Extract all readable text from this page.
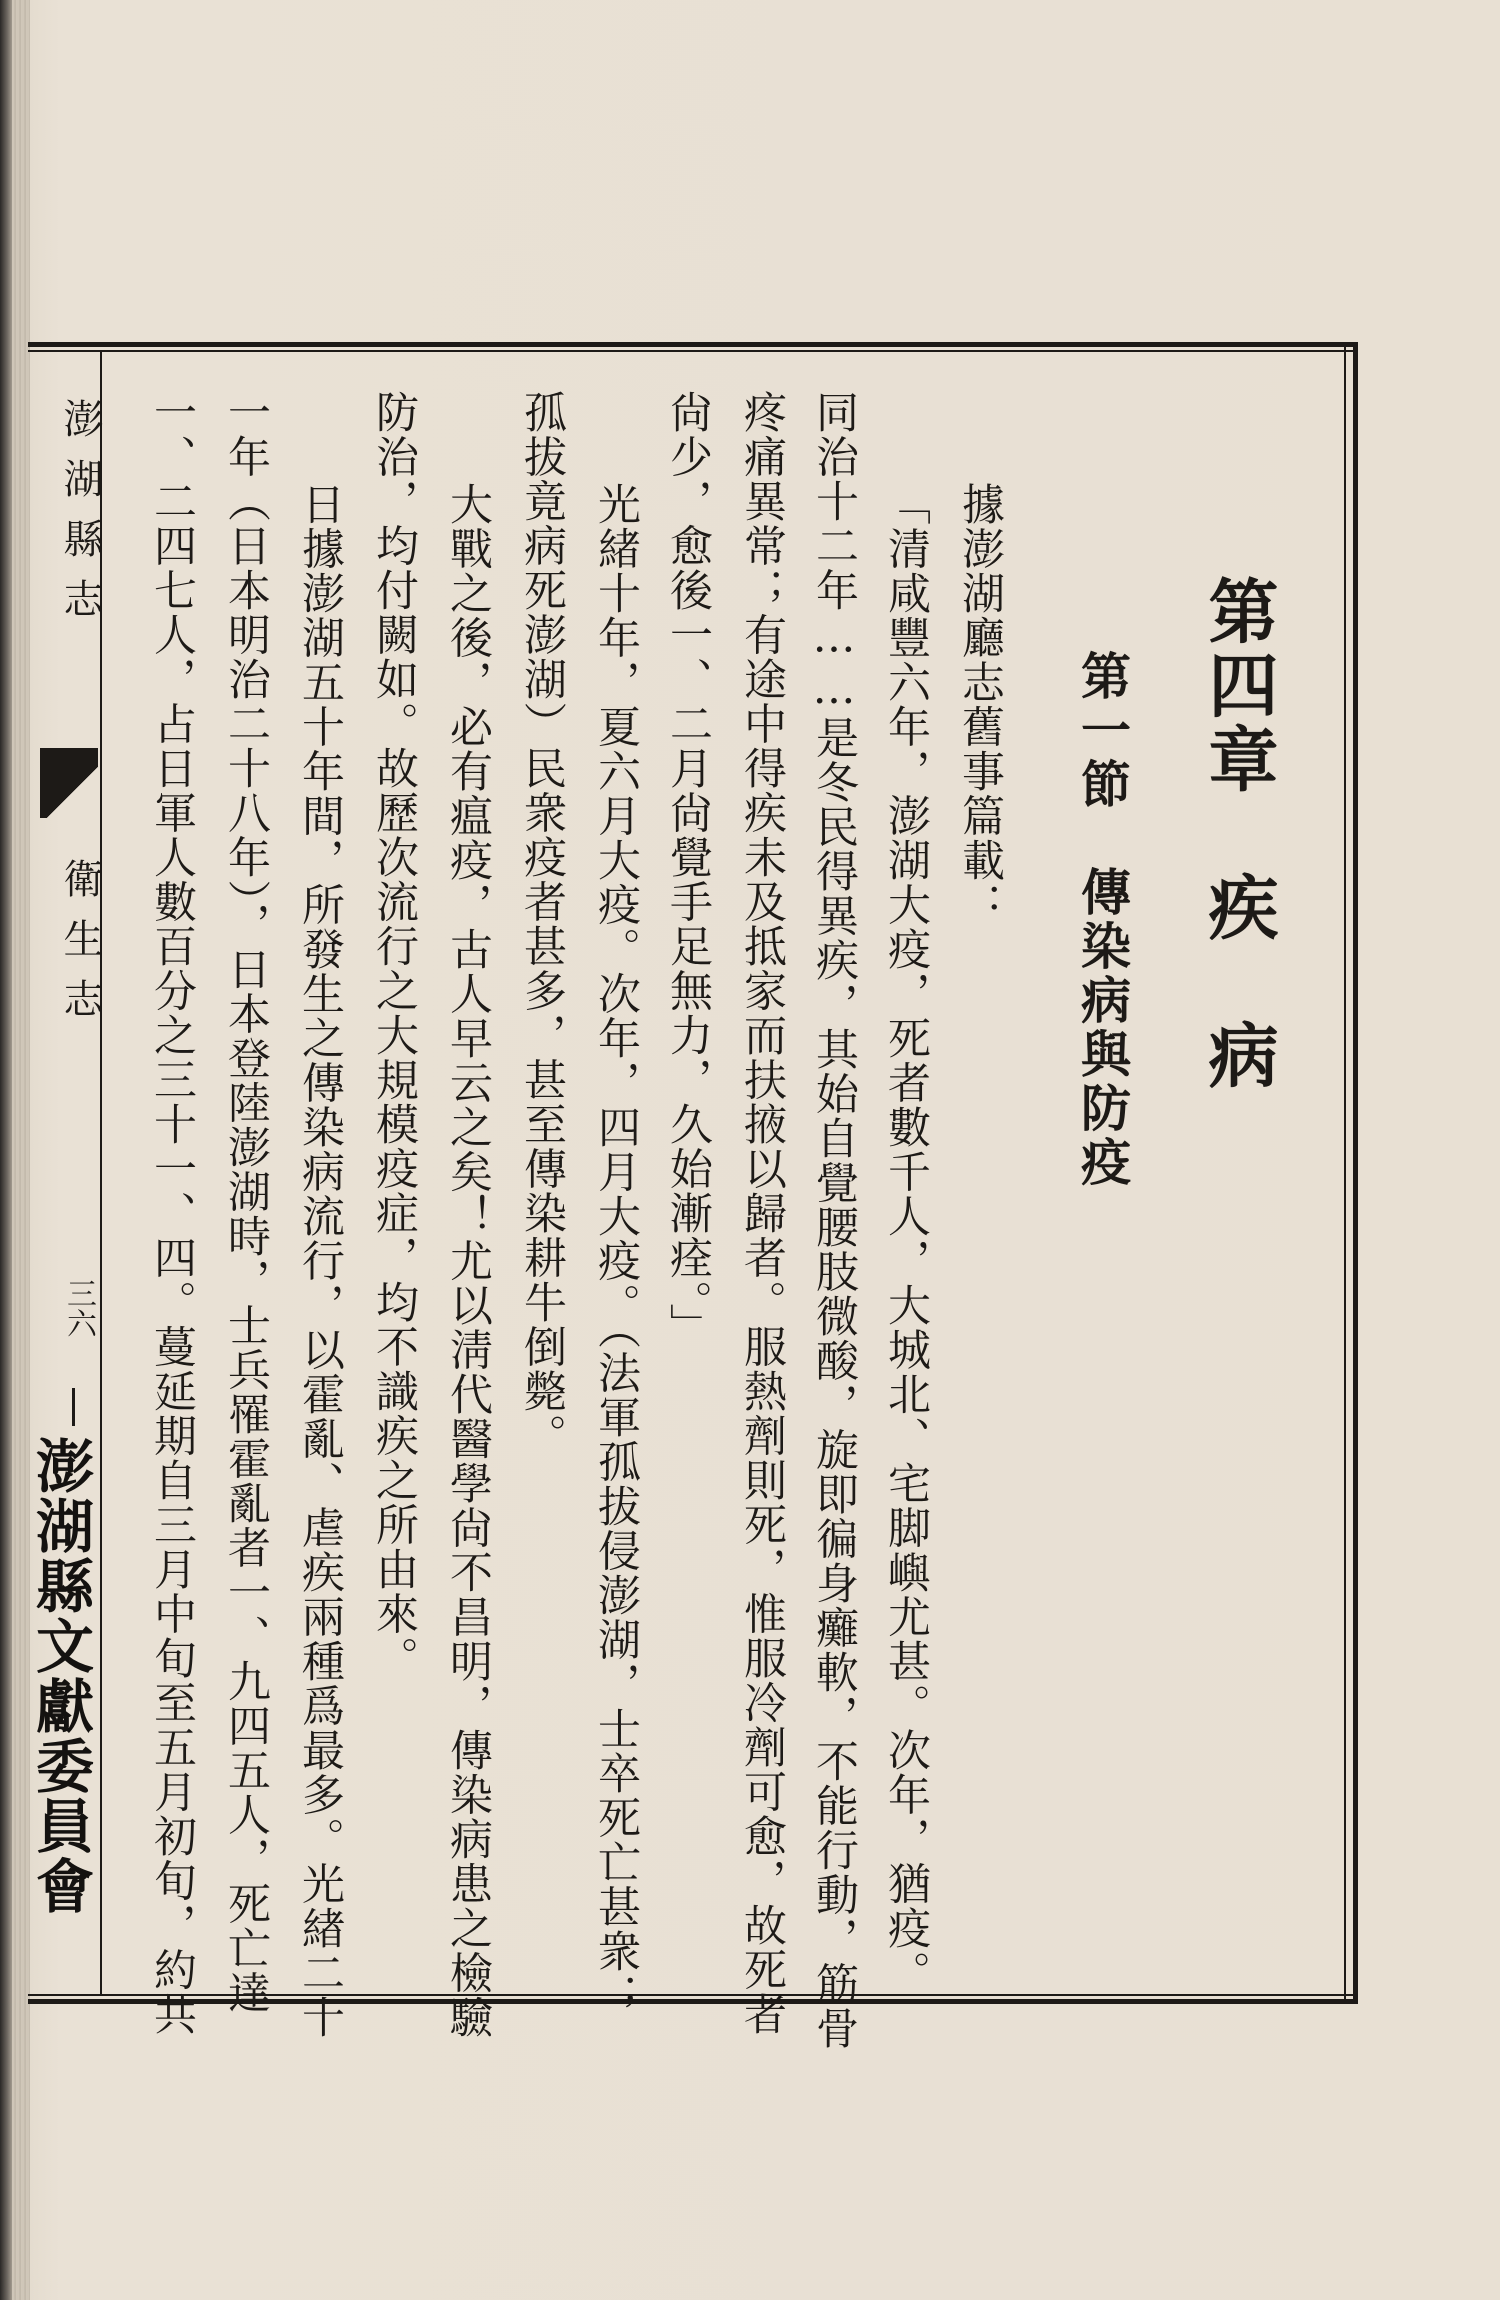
第四章　疾　病
第一節　傳染病與防疫
據澎湖廳志舊事篇載：
「清咸豐六年，澎湖大疫，死者數千人，大城北、宅脚嶼尤甚。次年，猶疫。
同治十二年……是冬民得異疾，其始自覺腰肢微酸，旋即徧身癱軟，不能行動，筋骨
疼痛異常；有途中得疾未及抵家而扶掖以歸者。服熱劑則死，惟服冷劑可愈，故死者
尙少，愈後一、二月尙覺手足無力，久始漸痊。」
光緒十年，夏六月大疫。次年，四月大疫。（法軍孤拔侵澎湖，士卒死亡甚衆；
孤拔竟病死澎湖）民衆疫者甚多，甚至傳染耕牛倒斃。
大戰之後，必有瘟疫，古人早云之矣！尤以淸代醫學尙不昌明，傳染病患之檢驗
防治，均付闕如。故歷次流行之大規模疫症，均不識疾之所由來。
日據澎湖五十年間，所發生之傳染病流行，以霍亂、虐疾兩種爲最多。光緖二十
一年（日本明治二十八年），日本登陸澎湖時，士兵罹霍亂者一、九四五人，死亡達
一、二四七人，占日軍人數百分之三十一、四。蔓延期自三月中旬至五月初旬，約共
澎湖縣志
衛生志
三六
澎湖縣文獻委員會
